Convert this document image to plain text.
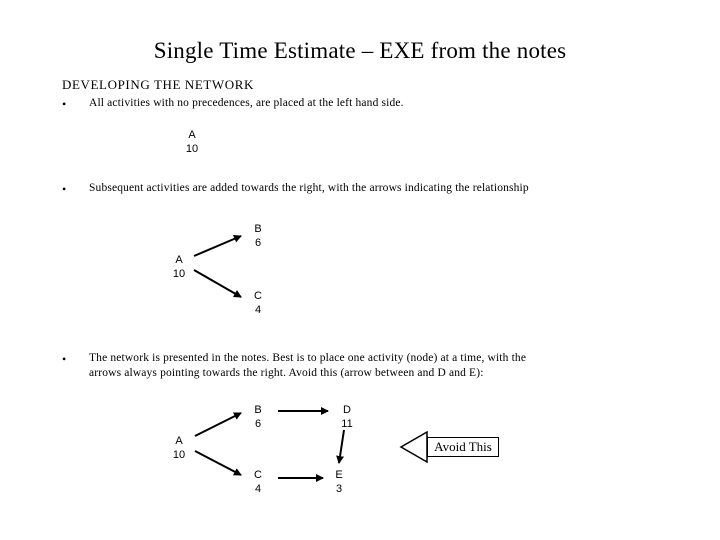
Single Time Estimate – EXE from the notes
DEVELOPING THE NETWORK
• All activities with no precedences, are placed at the left hand side.
• Subsequent activities are added towards the right, with the arrows indicating the relationship
• The network is presented in the notes. Best is to place one activity (node) at a time, with the arrows always pointing towards the right. Avoid this (arrow between and D and E):
A
10
A
10
B
6
C
4
A
10
B
6
C
4
D
11
E
3
Avoid This
